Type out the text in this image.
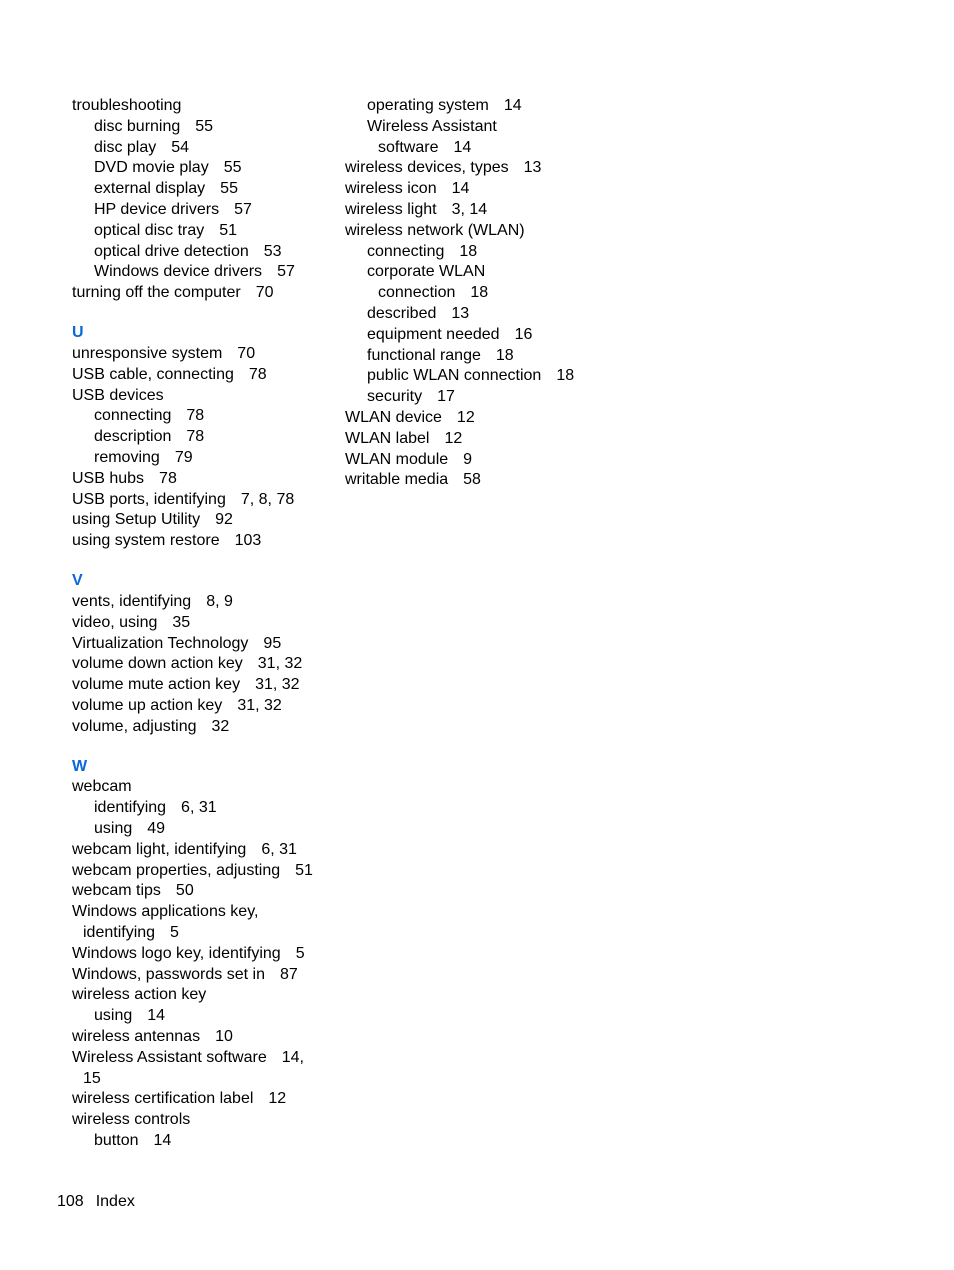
troubleshooting
disc burning 55
disc play 54
DVD movie play 55
external display 55
HP device drivers 57
optical disc tray 51
optical drive detection 53
Windows device drivers 57
turning off the computer 70
U
unresponsive system 70
USB cable, connecting 78
USB devices
connecting 78
description 78
removing 79
USB hubs 78
USB ports, identifying 7, 8, 78
using Setup Utility 92
using system restore 103
V
vents, identifying 8, 9
video, using 35
Virtualization Technology 95
volume down action key 31, 32
volume mute action key 31, 32
volume up action key 31, 32
volume, adjusting 32
W
webcam
identifying 6, 31
using 49
webcam light, identifying 6, 31
webcam properties, adjusting 51
webcam tips 50
Windows applications key,
identifying 5
Windows logo key, identifying 5
Windows, passwords set in 87
wireless action key
using 14
wireless antennas 10
Wireless Assistant software 14,
15
wireless certification label 12
wireless controls
button 14
operating system 14
Wireless Assistant
software 14
wireless devices, types 13
wireless icon 14
wireless light 3, 14
wireless network (WLAN)
connecting 18
corporate WLAN
connection 18
described 13
equipment needed 16
functional range 18
public WLAN connection 18
security 17
WLAN device 12
WLAN label 12
WLAN module 9
writable media 58
108 Index
